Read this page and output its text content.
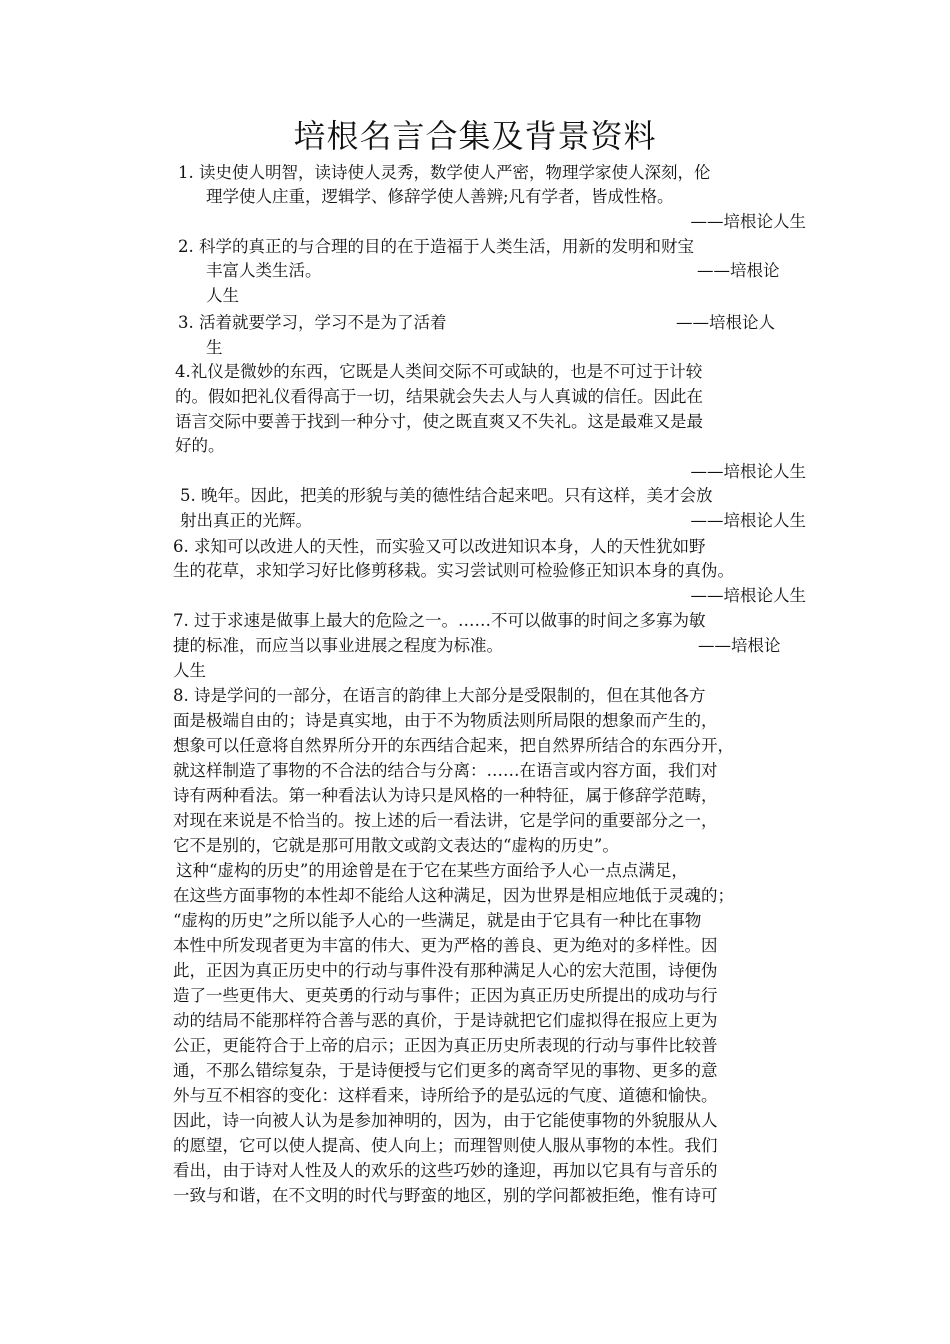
培根名言合集及背景资料
1. 读史使人明智，读诗使人灵秀，数学使人严密，物理学家使人深刻，伦
理学使人庄重，逻辑学、修辞学使人善辨;凡有学者，皆成性格。
——培根论人生
2. 科学的真正的与合理的目的在于造福于人类生活，用新的发明和财宝
丰富人类生活。	——培根论
人生
3. 活着就要学习，学习不是为了活着	——培根论人
生
4.礼仪是微妙的东西，它既是人类间交际不可或缺的，也是不可过于计较
的。假如把礼仪看得高于一切，结果就会失去人与人真诚的信任。因此在
语言交际中要善于找到一种分寸，使之既直爽又不失礼。这是最难又是最
好的。
——培根论人生
5. 晚年。因此，把美的形貌与美的德性结合起来吧。只有这样，美才会放
射出真正的光辉。	——培根论人生
6. 求知可以改进人的天性，而实验又可以改进知识本身，人的天性犹如野
生的花草，求知学习好比修剪移栽。实习尝试则可检验修正知识本身的真伪。
——培根论人生
7. 过于求速是做事上最大的危险之一。……不可以做事的时间之多寡为敏
捷的标准，而应当以事业进展之程度为标准。	——培根论
人生
8. 诗是学问的一部分，在语言的韵律上大部分是受限制的，但在其他各方
面是极端自由的；诗是真实地，由于不为物质法则所局限的想象而产生的，
想象可以任意将自然界所分开的东西结合起来，把自然界所结合的东西分开，
就这样制造了事物的不合法的结合与分离：……在语言或内容方面，我们对
诗有两种看法。第一种看法认为诗只是风格的一种特征，属于修辞学范畴，
对现在来说是不恰当的。按上述的后一看法讲，它是学问的重要部分之一，
它不是别的，它就是那可用散文或韵文表达的“虚构的历史”。
这种“虚构的历史”的用途曾是在于它在某些方面给予人心一点点满足，
在这些方面事物的本性却不能给人这种满足，因为世界是相应地低于灵魂的；
“虚构的历史”之所以能予人心的一些满足，就是由于它具有一种比在事物
本性中所发现者更为丰富的伟大、更为严格的善良、更为绝对的多样性。因
此，正因为真正历史中的行动与事件没有那种满足人心的宏大范围，诗便伪
造了一些更伟大、更英勇的行动与事件；正因为真正历史所提出的成功与行
动的结局不能那样符合善与恶的真价，于是诗就把它们虚拟得在报应上更为
公正，更能符合于上帝的启示；正因为真正历史所表现的行动与事件比较普
通，不那么错综复杂，于是诗便授与它们更多的离奇罕见的事物、更多的意
外与互不相容的变化：这样看来，诗所给予的是弘远的气度、道德和愉快。
因此，诗一向被人认为是参加神明的，因为，由于它能使事物的外貌服从人
的愿望，它可以使人提高、使人向上；而理智则使人服从事物的本性。我们
看出，由于诗对人性及人的欢乐的这些巧妙的逢迎，再加以它具有与音乐的
一致与和谐，在不文明的时代与野蛮的地区，别的学问都被拒绝，惟有诗可
